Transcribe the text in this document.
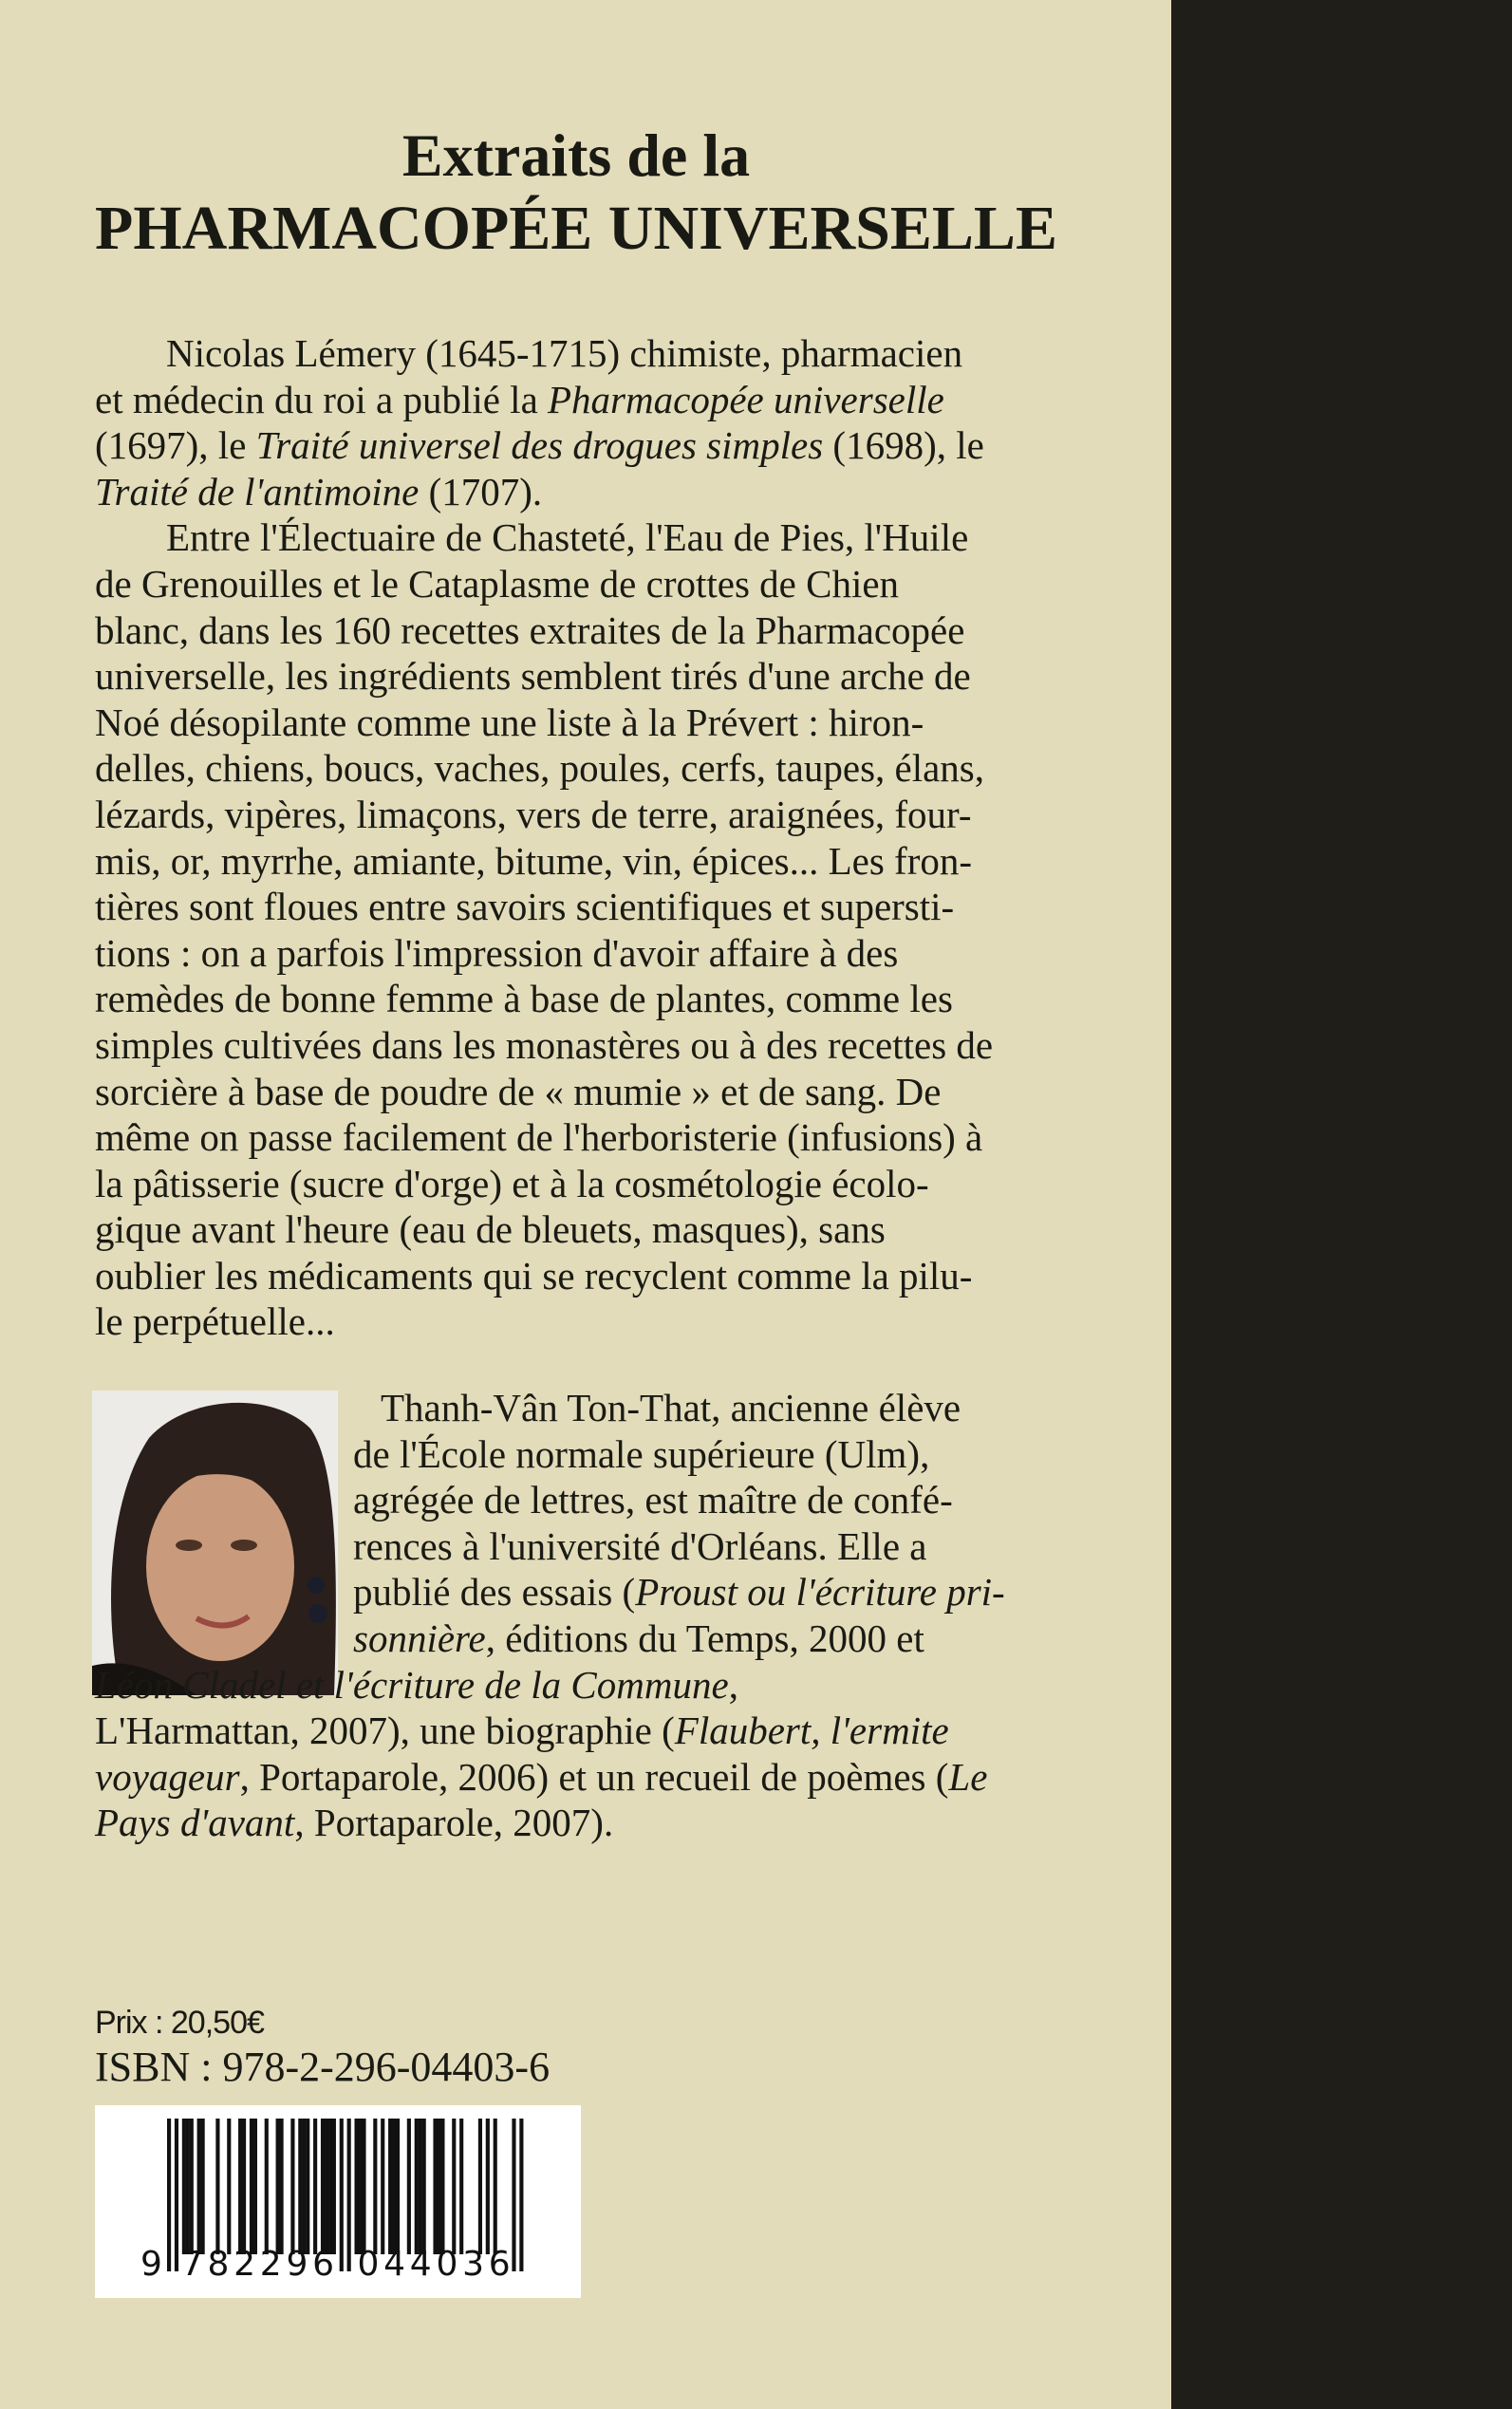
Extraits de la
PHARMACOPÉE UNIVERSELLE
Nicolas Lémery (1645-1715) chimiste, pharmacien
et médecin du roi a publié la Pharmacopée universelle
(1697), le Traité universel des drogues simples (1698), le
Traité de l'antimoine (1707).
Entre l'Électuaire de Chasteté, l'Eau de Pies, l'Huile
de Grenouilles et le Cataplasme de crottes de Chien
blanc, dans les 160 recettes extraites de la Pharmacopée
universelle, les ingrédients semblent tirés d'une arche de
Noé désopilante comme une liste à la Prévert : hiron-
delles, chiens, boucs, vaches, poules, cerfs, taupes, élans,
lézards, vipères, limaçons, vers de terre, araignées, four-
mis, or, myrrhe, amiante, bitume, vin, épices... Les fron-
tières sont floues entre savoirs scientifiques et supersti-
tions : on a parfois l'impression d'avoir affaire à des
remèdes de bonne femme à base de plantes, comme les
simples cultivées dans les monastères ou à des recettes de
sorcière à base de poudre de « mumie » et de sang. De
même on passe facilement de l'herboristerie (infusions) à
la pâtisserie (sucre d'orge) et à la cosmétologie écolo-
gique avant l'heure (eau de bleuets, masques), sans
oublier les médicaments qui se recyclent comme la pilu-
le perpétuelle...
Thanh-Vân Ton-That, ancienne élève
de l'École normale supérieure (Ulm),
agrégée de lettres, est maître de confé-
rences à l'université d'Orléans. Elle a
publié des essais (Proust ou l'écriture pri-
sonnière, éditions du Temps, 2000 et
Léon Cladel et l'écriture de la Commune,
L'Harmattan, 2007), une biographie (Flaubert, l'ermite
voyageur, Portaparole, 2006) et un recueil de poèmes (Le
Pays d'avant, Portaparole, 2007).
Prix : 20,50€
ISBN : 978-2-296-04403-6
9 7 8 2 2 9 6 0 4 4 0 3 6
